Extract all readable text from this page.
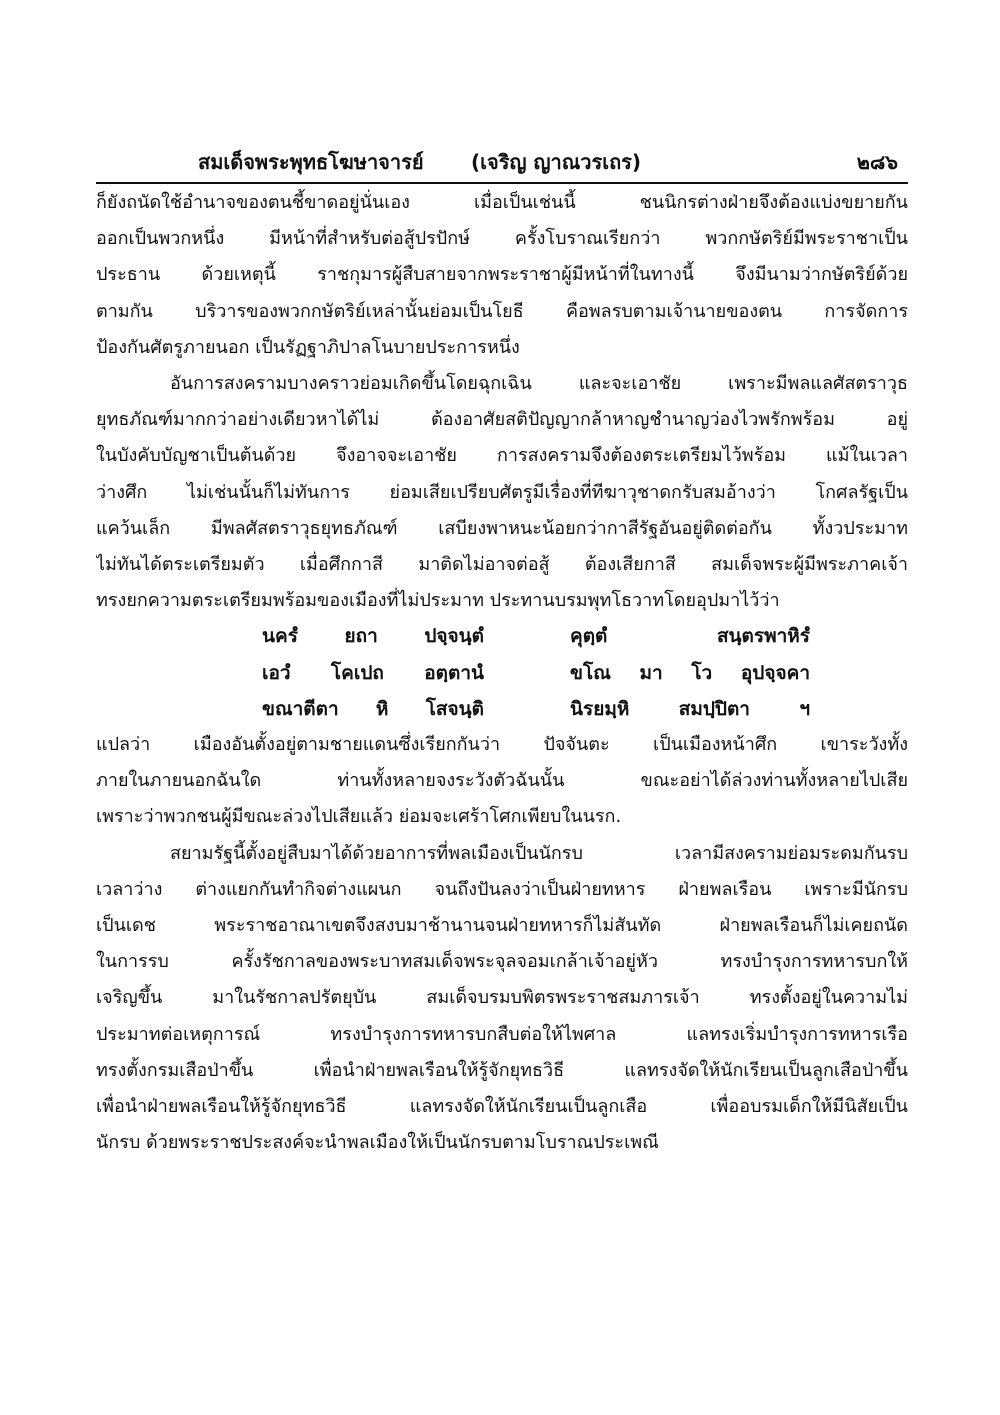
สมเด็จพระพุทธโฆษาจารย์ (เจริญ ญาณวรเถร)	๒๘๖
ก็ยังถนัดใช้อำนาจของตนชี้ขาดอยู่นั่นเอง เมื่อเป็นเช่นนี้ ชนนิกรต่างฝ่ายจึงต้องแบ่งขยายกัน
ออกเป็นพวกหนึ่ง มีหน้าที่สำหรับต่อสู้ปรปักษ์ ครั้งโบราณเรียกว่า พวกกษัตริย์มีพระราชาเป็น
ประธาน ด้วยเหตุนี้ ราชกุมารผู้สืบสายจากพระราชาผู้มีหน้าที่ในทางนี้ จึงมีนามว่ากษัตริย์ด้วย
ตามกัน บริวารของพวกกษัตริย์เหล่านั้นย่อมเป็นโยธี คือพลรบตามเจ้านายของตน การจัดการ
ป้องกันศัตรูภายนอก เป็นรัฏฐาภิปาลโนบายประการหนึ่ง
อันการสงครามบางคราวย่อมเกิดขึ้นโดยฉุกเฉิน และจะเอาชัย เพราะมีพลแลศัสตราวุธ
ยุทธภัณฑ์มากกว่าอย่างเดียวหาได้ไม่ ต้องอาศัยสติปัญญากล้าหาญชำนาญว่องไวพรักพร้อม อยู่
ในบังคับบัญชาเป็นต้นด้วย จึงอาจจะเอาชัย การสงครามจึงต้องตระเตรียมไว้พร้อม แม้ในเวลา
ว่างศึก ไม่เช่นนั้นก็ไม่ทันการ ย่อมเสียเปรียบศัตรูมีเรื่องที่ทีฆาวุชาดกรับสมอ้างว่า โกศลรัฐเป็น
แคว้นเล็ก มีพลศัสตราวุธยุทธภัณฑ์ เสบียงพาหนะน้อยกว่ากาสีรัฐอันอยู่ติดต่อกัน ทั้งวประมาท
ไม่ทันได้ตระเตรียมตัว เมื่อศึกกาสี มาติดไม่อาจต่อสู้ ต้องเสียกาสี สมเด็จพระผู้มีพระภาคเจ้า
ทรงยกความตระเตรียมพร้อมของเมืองที่ไม่ประมาท ประทานบรมพุทโธวาทโดยอุปมาไว้ว่า
นครํ ยถา ปจฺจนฺตํ	คุตฺตํ สนฺตรพาหิรํ
เอวํ โคเปถ อตฺตานํ	ขโณ มา โว อุปจฺจคา
ขณาตีตา หิ โสจนฺติ	นิรยมฺหิ สมปฺปิตา ฯ
แปลว่า เมืองอันตั้งอยู่ตามชายแดนซึ่งเรียกกันว่า ปัจจันตะ เป็นเมืองหน้าศึก เขาระวังทั้ง
ภายในภายนอกฉันใด ท่านทั้งหลายจงระวังตัวฉันนั้น ขณะอย่าได้ล่วงท่านทั้งหลายไปเสีย
เพราะว่าพวกชนผู้มีขณะล่วงไปเสียแล้ว ย่อมจะเศร้าโศกเพียบในนรก.
สยามรัฐนี้ตั้งอยู่สืบมาได้ด้วยอาการที่พลเมืองเป็นนักรบ เวลามีสงครามย่อมระดมกันรบ
เวลาว่าง ต่างแยกกันทำกิจต่างแผนก จนถึงปันลงว่าเป็นฝ่ายทหาร ฝ่ายพลเรือน เพราะมีนักรบ
เป็นเดช พระราชอาณาเขตจึงสงบมาช้านานจนฝ่ายทหารก็ไม่สันทัด ฝ่ายพลเรือนก็ไม่เคยถนัด
ในการรบ ครั้งรัชกาลของพระบาทสมเด็จพระจุลจอมเกล้าเจ้าอยู่หัว ทรงบำรุงการทหารบกให้
เจริญขึ้น มาในรัชกาลปรัตยุบัน สมเด็จบรมบพิตรพระราชสมภารเจ้า ทรงตั้งอยู่ในความไม่
ประมาทต่อเหตุการณ์ ทรงบำรุงการทหารบกสืบต่อให้ไพศาล แลทรงเริ่มบำรุงการทหารเรือ
ทรงตั้งกรมเสือป่าขึ้น เพื่อนำฝ่ายพลเรือนให้รู้จักยุทธวิธี แลทรงจัดให้นักเรียนเป็นลูกเสือป่าขึ้น
เพื่อนำฝ่ายพลเรือนให้รู้จักยุทธวิธี แลทรงจัดให้นักเรียนเป็นลูกเสือ เพื่ออบรมเด็กให้มีนิสัยเป็น
นักรบ ด้วยพระราชประสงค์จะนำพลเมืองให้เป็นนักรบตามโบราณประเพณี
